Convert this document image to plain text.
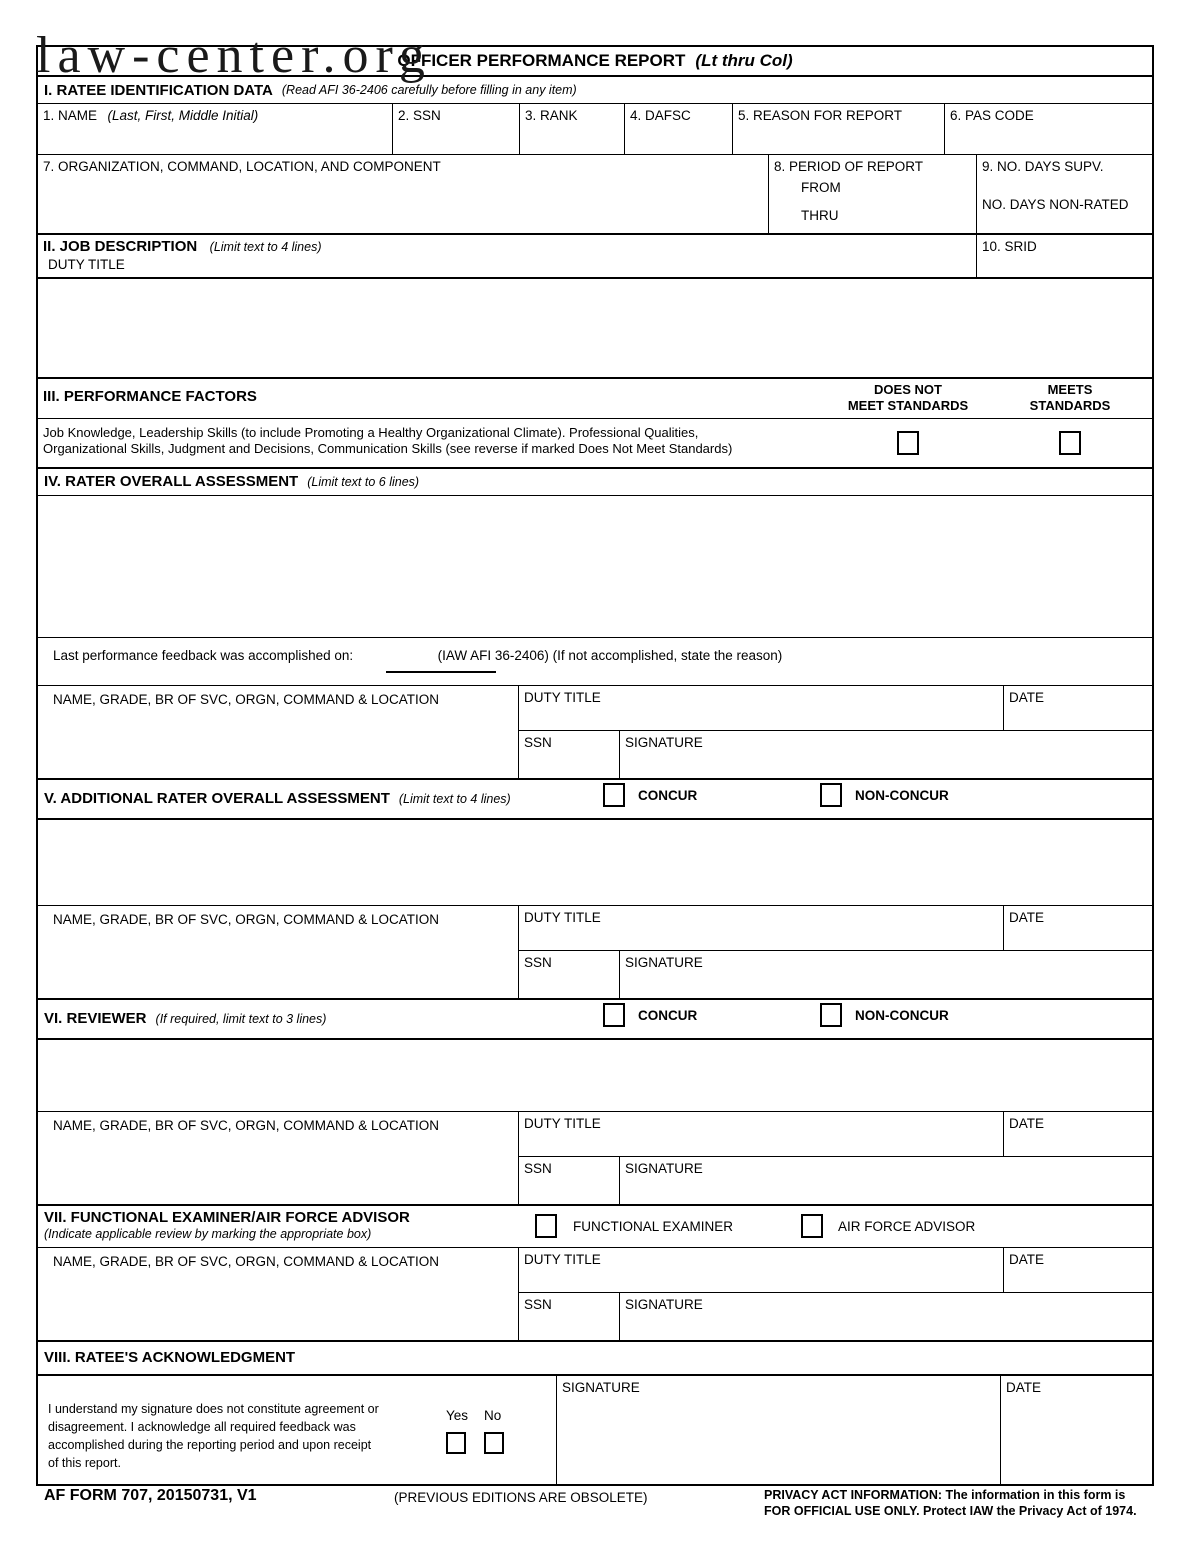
law-center.org
OFFICER PERFORMANCE REPORT (Lt thru Col)
I. RATEE IDENTIFICATION DATA (Read AFI 36-2406 carefully before filling in any item)
1. NAME (Last, First, Middle Initial)	2. SSN	3. RANK	4. DAFSC	5. REASON FOR REPORT	6. PAS CODE
7. ORGANIZATION, COMMAND, LOCATION, AND COMPONENT	8. PERIOD OF REPORT
FROM
THRU
9. NO. DAYS SUPV.
NO. DAYS NON-RATED
II. JOB DESCRIPTION (Limit text to 4 lines)
DUTY TITLE
10. SRID
III. PERFORMANCE FACTORS	DOES NOT
MEET STANDARDS
MEETS
STANDARDS
Job Knowledge, Leadership Skills (to include Promoting a Healthy Organizational Climate). Professional Qualities,
Organizational Skills, Judgment and Decisions, Communication Skills (see reverse if marked Does Not Meet Standards)
IV. RATER OVERALL ASSESSMENT (Limit text to 6 lines)
Last performance feedback was accomplished on:	(IAW AFI 36-2406) (If not accomplished, state the reason)
NAME, GRADE, BR OF SVC, ORGN, COMMAND & LOCATION	DUTY TITLE	DATE
SSN	SIGNATURE
V. ADDITIONAL RATER OVERALL ASSESSMENT (Limit text to 4 lines)	CONCUR	NON-CONCUR
NAME, GRADE, BR OF SVC, ORGN, COMMAND & LOCATION	DUTY TITLE	DATE
SSN	SIGNATURE
VI. REVIEWER (If required, limit text to 3 lines)	CONCUR	NON-CONCUR
NAME, GRADE, BR OF SVC, ORGN, COMMAND & LOCATION	DUTY TITLE	DATE
SSN	SIGNATURE
VII. FUNCTIONAL EXAMINER/AIR FORCE ADVISOR
(Indicate applicable review by marking the appropriate box)
FUNCTIONAL EXAMINER	AIR FORCE ADVISOR
NAME, GRADE, BR OF SVC, ORGN, COMMAND & LOCATION	DUTY TITLE	DATE
SSN	SIGNATURE
VIII. RATEE'S ACKNOWLEDGMENT
I understand my signature does not constitute agreement or
disagreement. I acknowledge all required feedback was
accomplished during the reporting period and upon receipt
of this report.
Yes No
SIGNATURE	DATE
AF FORM 707, 20150731, V1	(PREVIOUS EDITIONS ARE OBSOLETE)	PRIVACY ACT INFORMATION: The information in this form is
FOR OFFICIAL USE ONLY. Protect IAW the Privacy Act of 1974.
